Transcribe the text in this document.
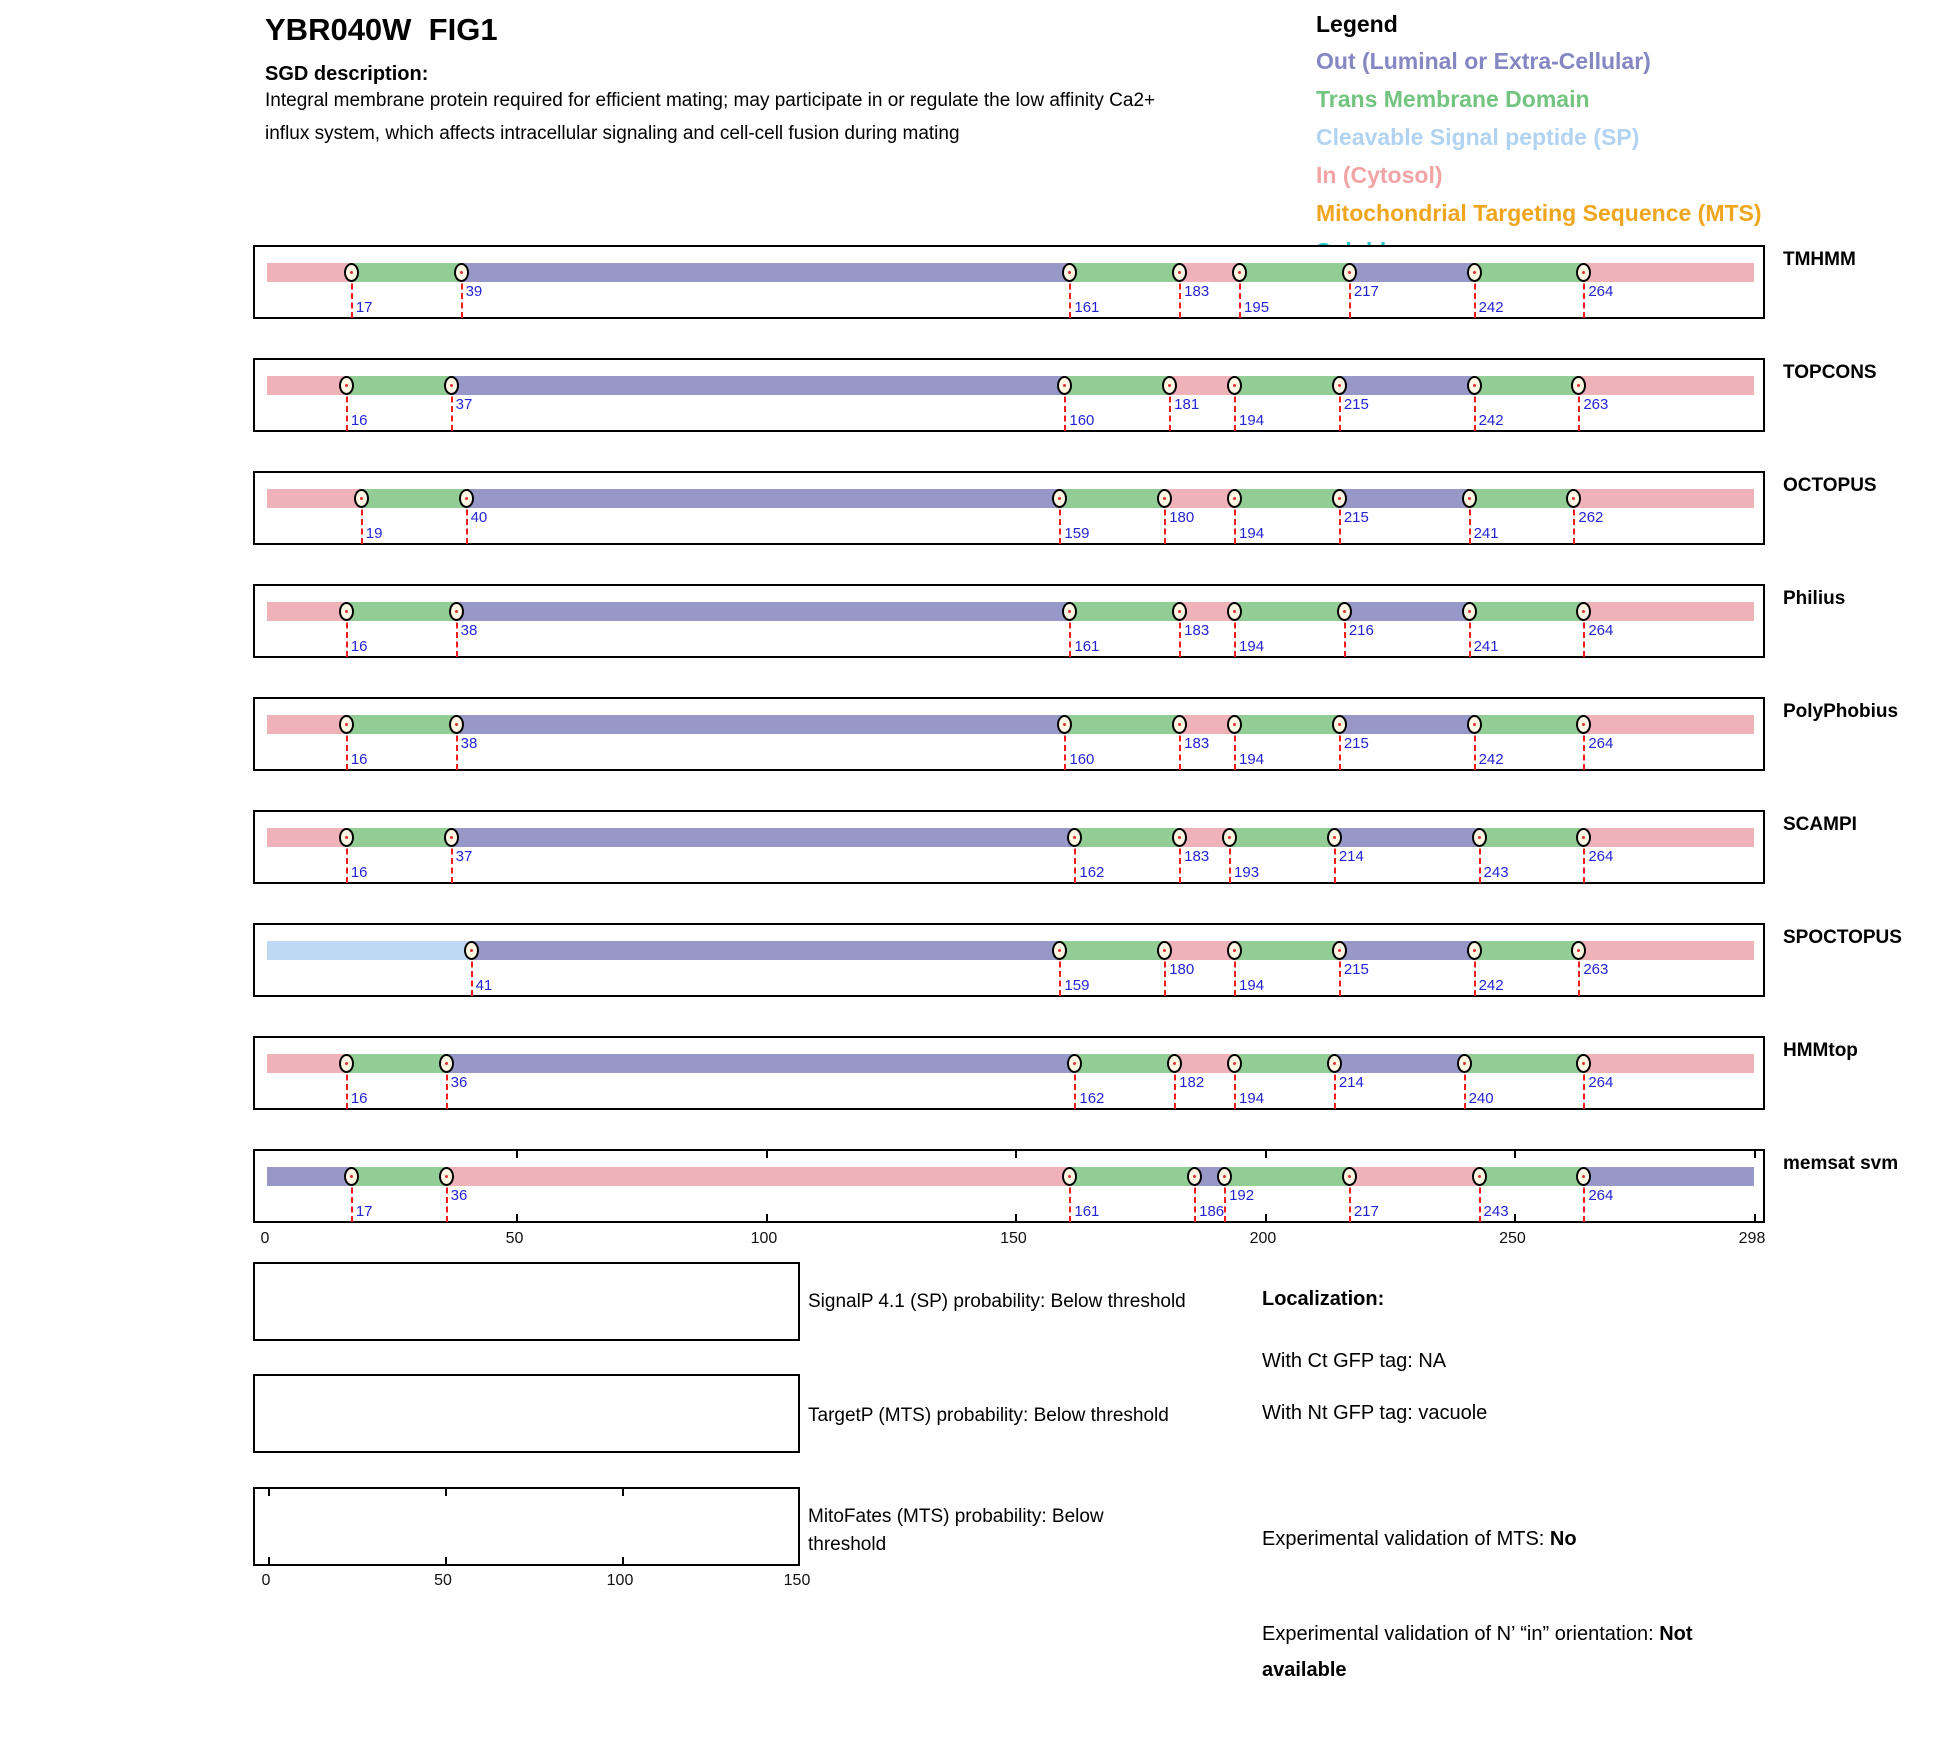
YBR040W  FIG1
SGD description:
Integral membrane protein required for efficient mating; may participate in or regulate the low affinity Ca2+
influx system, which affects intracellular signaling and cell-cell fusion during mating
Legend
Out (Luminal or Extra-Cellular)
Trans Membrane Domain
Cleavable Signal peptide (SP)
In (Cytosol)
Mitochondrial Targeting Sequence (MTS)
17
39
161
183
195
217
242
264
TMHMM
16
37
160
181
194
215
242
263
TOPCONS
19
40
159
180
194
215
241
262
OCTOPUS
16
38
161
183
194
216
241
264
Philius
16
38
160
183
194
215
242
264
PolyPhobius
16
37
162
183
193
214
243
264
SCAMPI
41	159
180
194
215
242
263
SPOCTOPUS
16
36
162
182
194
214
240
264
HMMtop
17
36
161	186
192
217	243
264
memsat svm
0	50	100	150	200	250	298
SignalP 4.1 (SP) probability: Below threshold
TargetP (MTS) probability: Below threshold
MitoFates (MTS) probability: Below threshold
Localization:
With Ct GFP tag: NA
With Nt GFP tag: vacuole
Experimental validation of MTS: No
Experimental validation of N’ “in” orientation: Not available
0	50	100	150
